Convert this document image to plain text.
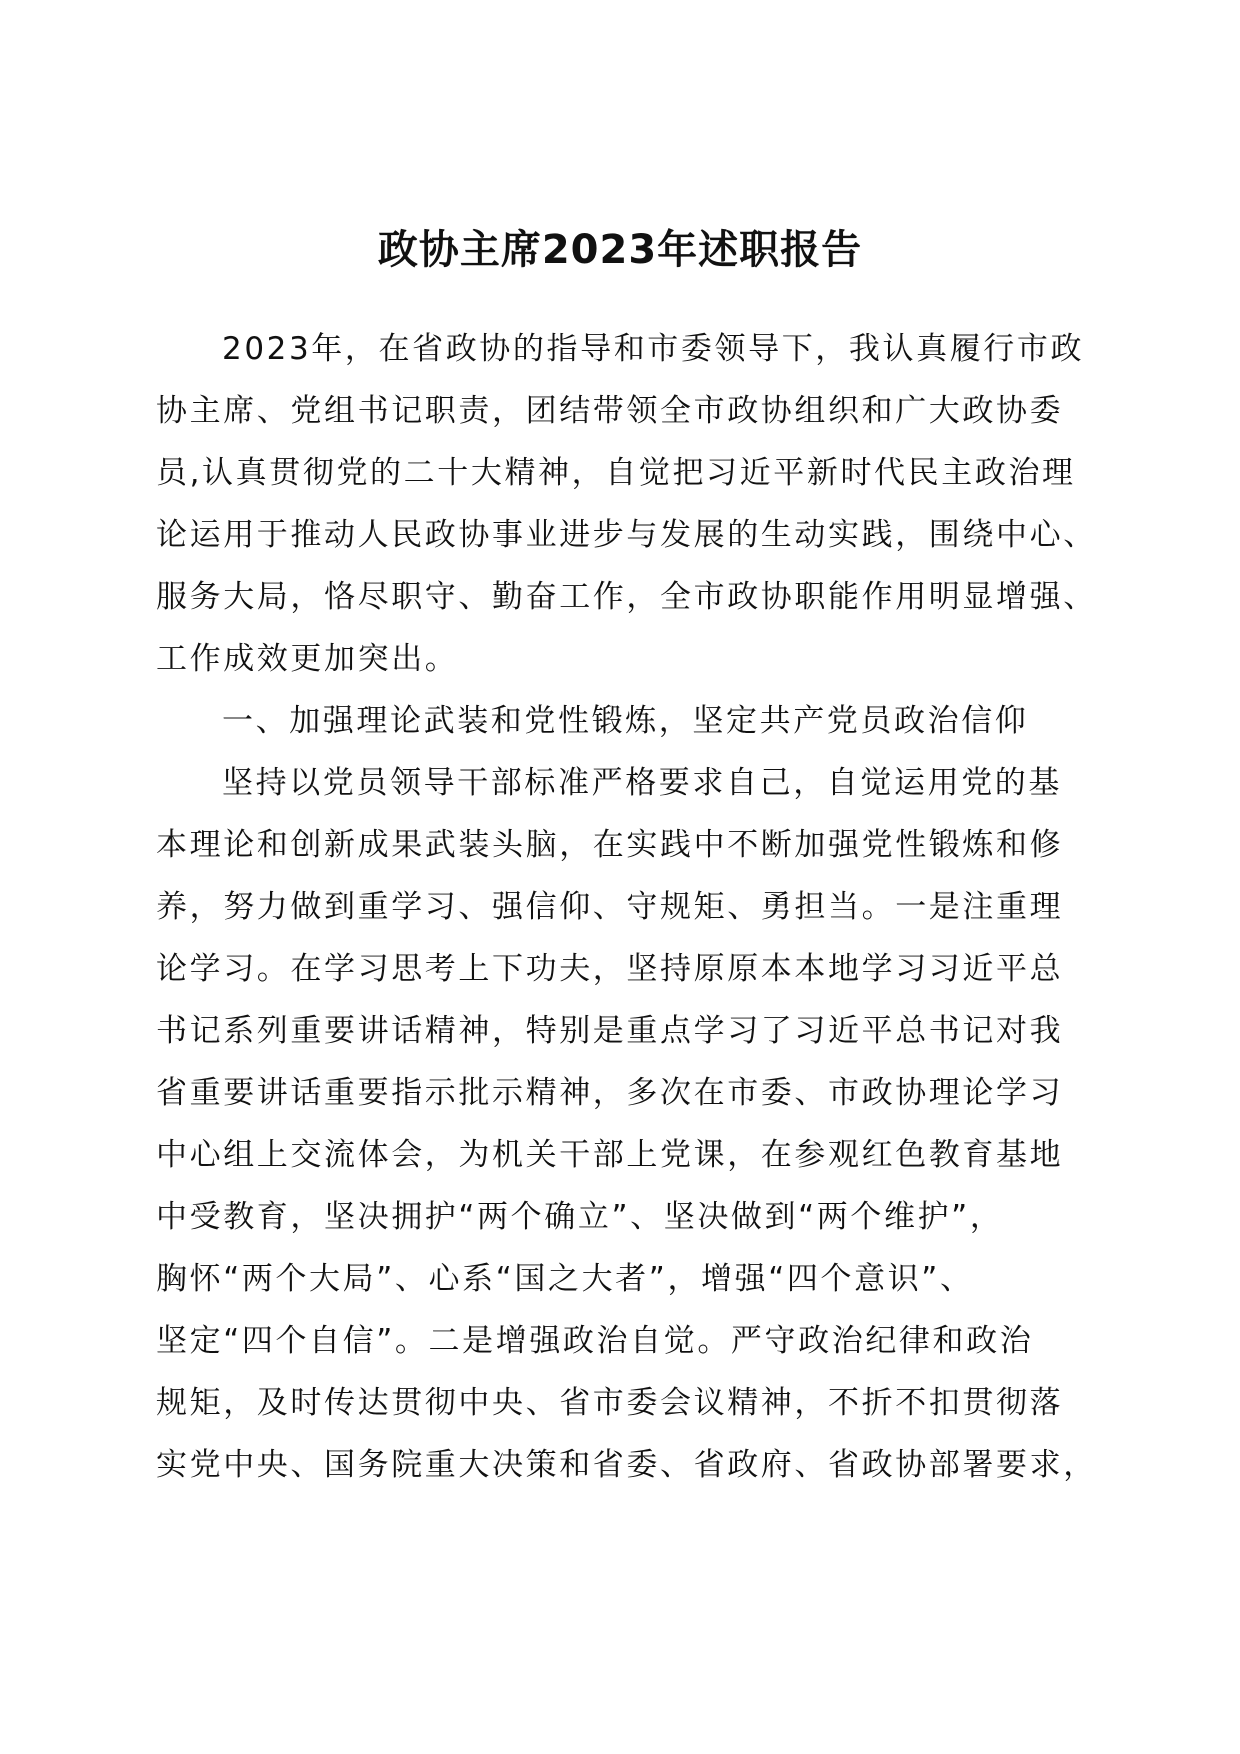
政协主席2023年述职报告
2023年，在省政协的指导和市委领导下，我认真履行市政
协主席、党组书记职责，团结带领全市政协组织和广大政协委
员,认真贯彻党的二十大精神，自觉把习近平新时代民主政治理
论运用于推动人民政协事业进步与发展的生动实践，围绕中心、
服务大局，恪尽职守、勤奋工作，全市政协职能作用明显增强、
工作成效更加突出。
一、加强理论武装和党性锻炼，坚定共产党员政治信仰
坚持以党员领导干部标准严格要求自己，自觉运用党的基
本理论和创新成果武装头脑，在实践中不断加强党性锻炼和修
养，努力做到重学习、强信仰、守规矩、勇担当。一是注重理
论学习。在学习思考上下功夫，坚持原原本本地学习习近平总
书记系列重要讲话精神，特别是重点学习了习近平总书记对我
省重要讲话重要指示批示精神，多次在市委、市政协理论学习
中心组上交流体会，为机关干部上党课，在参观红色教育基地
中受教育，坚决拥护“两个确立”、坚决做到“两个维护”，
胸怀“两个大局”、心系“国之大者”，增强“四个意识”、
坚定“四个自信”。二是增强政治自觉。严守政治纪律和政治
规矩，及时传达贯彻中央、省市委会议精神，不折不扣贯彻落
实党中央、国务院重大决策和省委、省政府、省政协部署要求，
